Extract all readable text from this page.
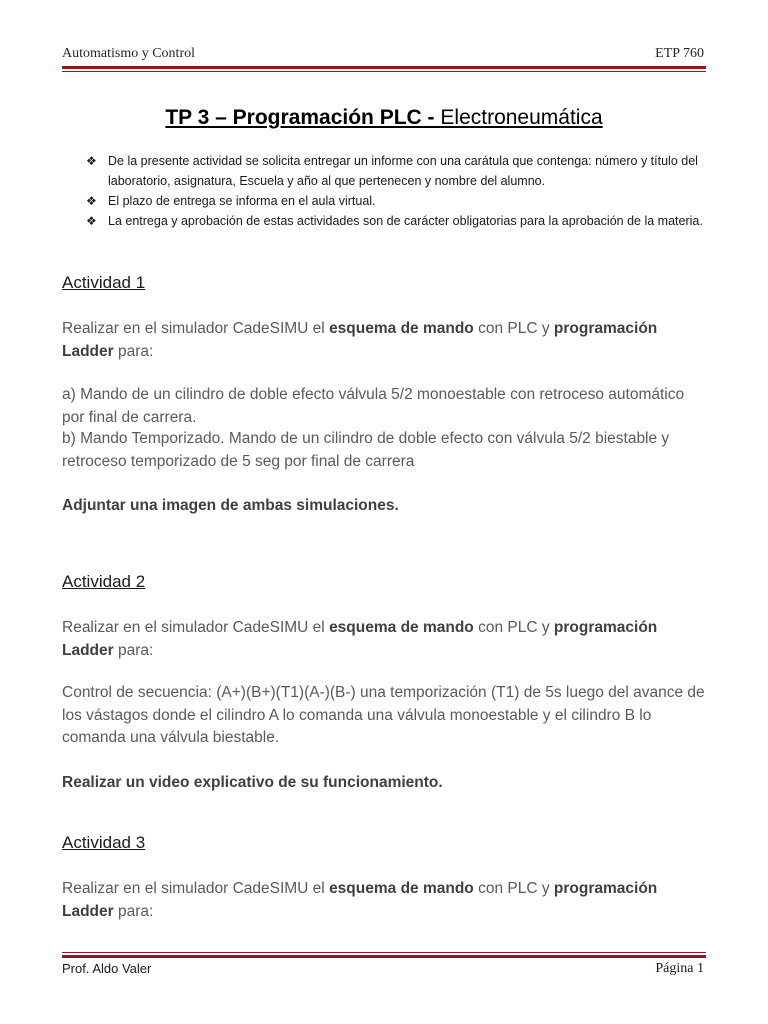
Automatismo y Control	ETP 760
TP 3 – Programación PLC - Electroneumática
❖ De la presente actividad se solicita entregar un informe con una carátula que contenga: número y título del laboratorio, asignatura, Escuela y año al que pertenecen y nombre del alumno.
❖ El plazo de entrega se informa en el aula virtual.
❖ La entrega y aprobación de estas actividades son de carácter obligatorias para la aprobación de la materia.
Actividad 1
Realizar en el simulador CadeSIMU el esquema de mando con PLC y programación Ladder para:
a) Mando de un cilindro de doble efecto válvula 5/2 monoestable con retroceso automático por final de carrera.
b) Mando Temporizado. Mando de un cilindro de doble efecto con válvula 5/2 biestable y retroceso temporizado de 5 seg por final de carrera
Adjuntar una imagen de ambas simulaciones.
Actividad 2
Realizar en el simulador CadeSIMU el esquema de mando con PLC y programación Ladder para:
Control de secuencia: (A+)(B+)(T1)(A-)(B-) una temporización (T1) de 5s luego del avance de los vástagos donde el cilindro A lo comanda una válvula monoestable y el cilindro B lo comanda una válvula biestable.
Realizar un video explicativo de su funcionamiento.
Actividad 3
Realizar en el simulador CadeSIMU el esquema de mando con PLC y programación Ladder para:
Prof. Aldo Valer	Página 1
